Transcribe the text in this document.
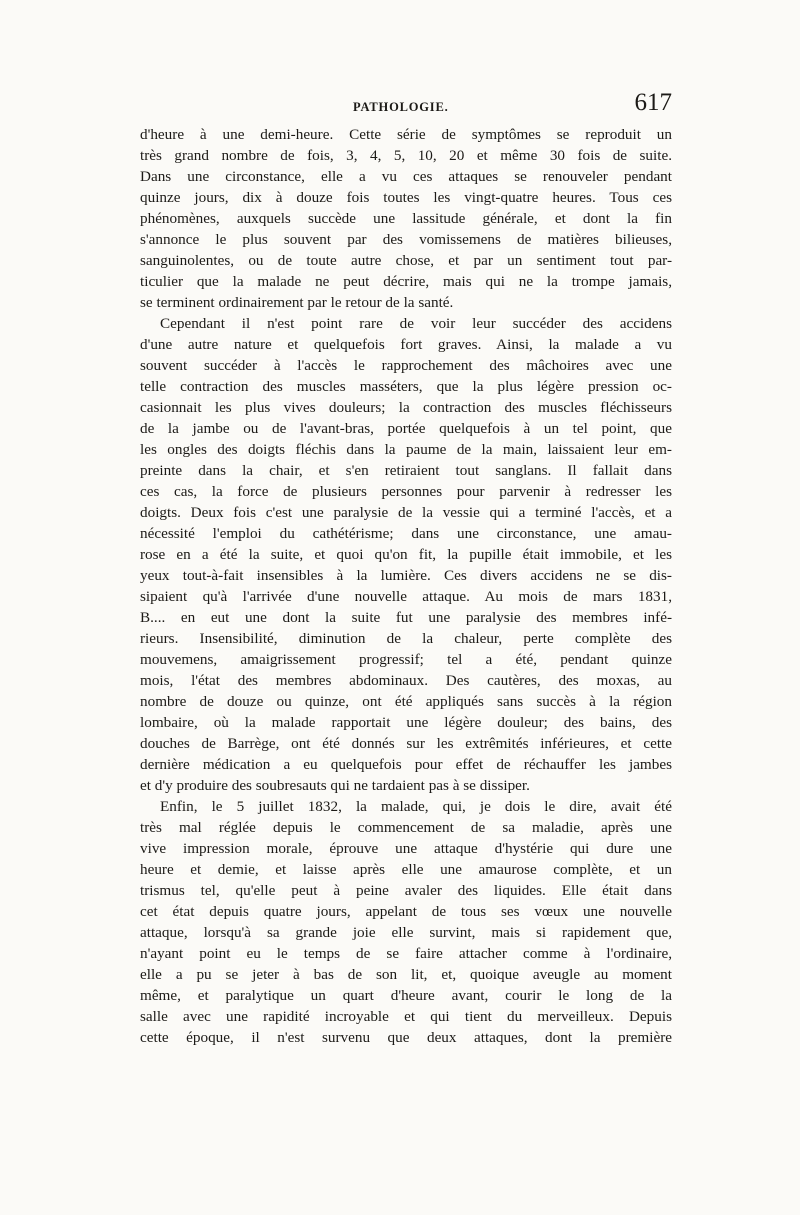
PATHOLOGIE.	617
d'heure à une demi-heure. Cette série de symptômes se reproduit un
très grand nombre de fois, 3, 4, 5, 10, 20 et même 30 fois de suite.
Dans une circonstance, elle a vu ces attaques se renouveler pendant
quinze jours, dix à douze fois toutes les vingt-quatre heures. Tous ces
phénomènes, auxquels succède une lassitude générale, et dont la fin
s'annonce le plus souvent par des vomissemens de matières bilieuses,
sanguinolentes, ou de toute autre chose, et par un sentiment tout par-
ticulier que la malade ne peut décrire, mais qui ne la trompe jamais,
se terminent ordinairement par le retour de la santé.
Cependant il n'est point rare de voir leur succéder des accidens
d'une autre nature et quelquefois fort graves. Ainsi, la malade a vu
souvent succéder à l'accès le rapprochement des mâchoires avec une
telle contraction des muscles masséters, que la plus légère pression oc-
casionnait les plus vives douleurs; la contraction des muscles fléchisseurs
de la jambe ou de l'avant-bras, portée quelquefois à un tel point, que
les ongles des doigts fléchis dans la paume de la main, laissaient leur em-
preinte dans la chair, et s'en retiraient tout sanglans. Il fallait dans
ces cas, la force de plusieurs personnes pour parvenir à redresser les
doigts. Deux fois c'est une paralysie de la vessie qui a terminé l'accès, et a
nécessité l'emploi du cathétérisme; dans une circonstance, une amau-
rose en a été la suite, et quoi qu'on fit, la pupille était immobile, et les
yeux tout-à-fait insensibles à la lumière. Ces divers accidens ne se dis-
sipaient qu'à l'arrivée d'une nouvelle attaque. Au mois de mars 1831,
B.... en eut une dont la suite fut une paralysie des membres infé-
rieurs. Insensibilité, diminution de la chaleur, perte complète des
mouvemens, amaigrissement progressif; tel a été, pendant quinze
mois, l'état des membres abdominaux. Des cautères, des moxas, au
nombre de douze ou quinze, ont été appliqués sans succès à la région
lombaire, où la malade rapportait une légère douleur; des bains, des
douches de Barrège, ont été donnés sur les extrêmités inférieures, et cette
dernière médication a eu quelquefois pour effet de réchauffer les jambes
et d'y produire des soubresauts qui ne tardaient pas à se dissiper.
Enfin, le 5 juillet 1832, la malade, qui, je dois le dire, avait été
très mal réglée depuis le commencement de sa maladie, après une
vive impression morale, éprouve une attaque d'hystérie qui dure une
heure et demie, et laisse après elle une amaurose complète, et un
trismus tel, qu'elle peut à peine avaler des liquides. Elle était dans
cet état depuis quatre jours, appelant de tous ses vœux une nouvelle
attaque, lorsqu'à sa grande joie elle survint, mais si rapidement que,
n'ayant point eu le temps de se faire attacher comme à l'ordinaire,
elle a pu se jeter à bas de son lit, et, quoique aveugle au moment
même, et paralytique un quart d'heure avant, courir le long de la
salle avec une rapidité incroyable et qui tient du merveilleux. Depuis
cette époque, il n'est survenu que deux attaques, dont la première
